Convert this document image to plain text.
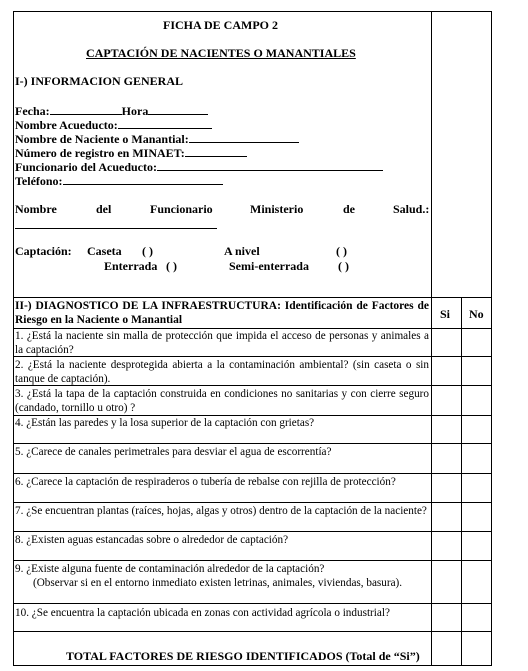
FICHA DE CAMPO 2
CAPTACIÓN DE NACIENTES O MANANTIALES
I-) INFORMACION GENERAL
Fecha:	Hora
Nombre Acueducto:
Nombre de Naciente o Manantial:
Número de registro en MINAET:
Funcionario del Acueducto:
Teléfono:
Nombre	del	Funcionario	Ministerio	de	Salud.:
Captación: Caseta ( )	A nivel	( )
Enterrada ( )	Semi-enterrada ( )
II-) DIAGNOSTICO DE LA INFRAESTRUCTURA: Identificación de Factores de Riesgo en la Naciente o Manantial	Si No
1. ¿Está la naciente sin malla de protección que impida el acceso de personas y animales a la captación?
2. ¿Está la naciente desprotegida abierta a la contaminación ambiental? (sin caseta o sin tanque de captación).
3. ¿Está la tapa de la captación construida en condiciones no sanitarias y con cierre seguro (candado, tornillo u otro) ?
4. ¿Están las paredes y la losa superior de la captación con grietas?
5. ¿Carece de canales perimetrales para desviar el agua de escorrentía?
6. ¿Carece la captación de respiraderos o tubería de rebalse con rejilla de protección?
7. ¿Se encuentran plantas (raíces, hojas, algas y otros) dentro de la captación de la naciente?
8. ¿Existen aguas estancadas sobre o alrededor de captación?
9. ¿Existe alguna fuente de contaminación alrededor de la captación?
(Observar si en el entorno inmediato existen letrinas, animales, viviendas, basura).
10. ¿Se encuentra la captación ubicada en zonas con actividad agrícola o industrial?
TOTAL FACTORES DE RIESGO IDENTIFICADOS (Total de “Si”)
